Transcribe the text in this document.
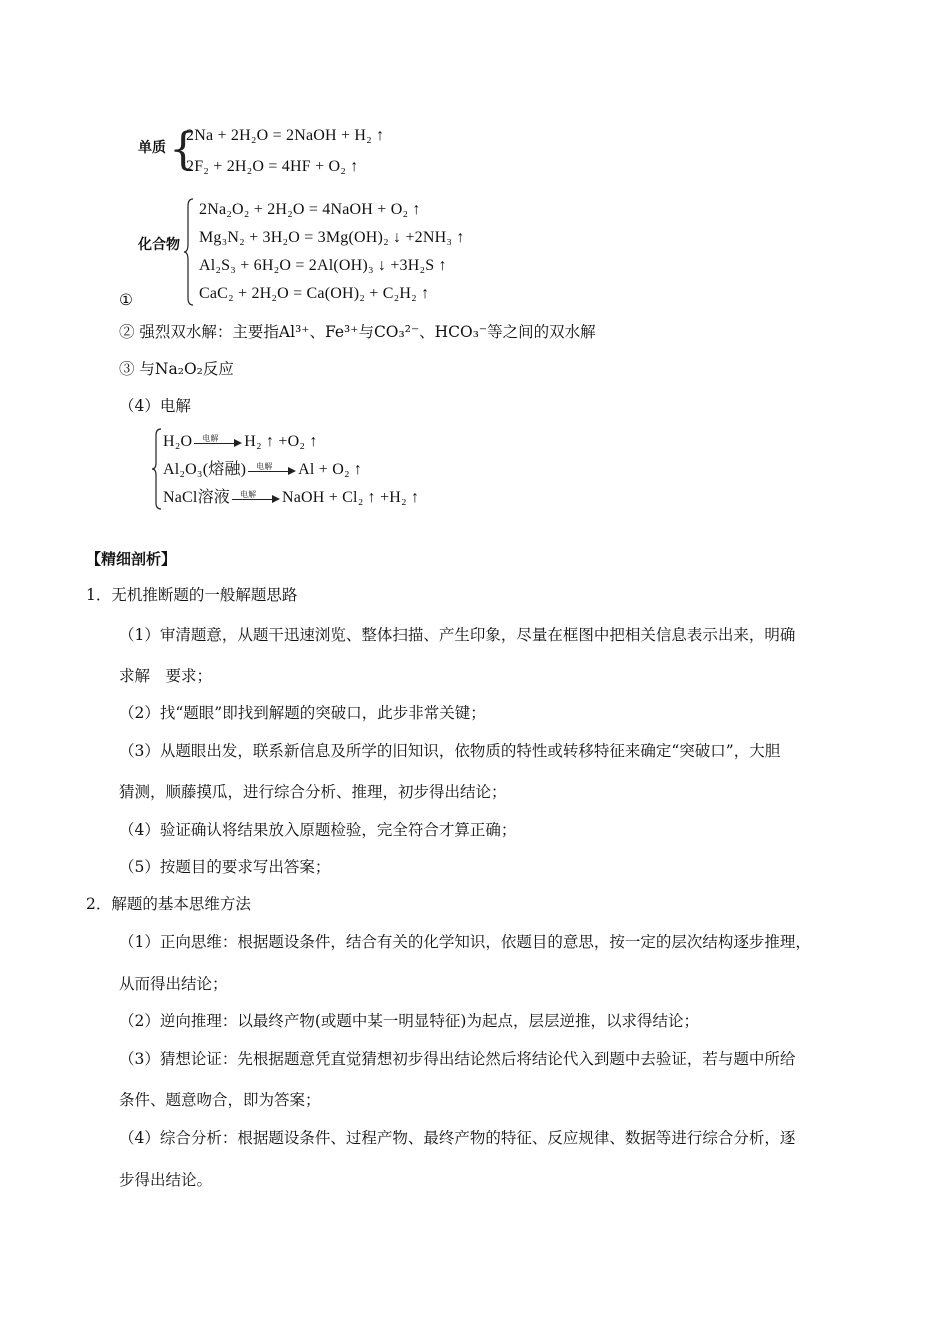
单质 {
2Na + 2H₂O = 2NaOH + H₂ ↑
2F₂ + 2H₂O = 4HF + O₂ ↑
化合物
2Na₂O₂ + 2H₂O = 4NaOH + O₂ ↑
Mg₃N₂ + 3H₂O = 3Mg(OH)₂ ↓ +2NH₃ ↑
Al₂S₃ + 6H₂O = 2Al(OH)₃ ↓ +3H₂S ↑
CaC₂ + 2H₂O = Ca(OH)₂ + C₂H₂ ↑
①
② 强烈双水解：主要指Al³⁺、Fe³⁺与CO₃²⁻、HCO₃⁻等之间的双水解
③ 与Na₂O₂反应
（4）电解
H₂O 电解 H₂ ↑ +O₂ ↑
Al₂O₃(熔融) 电解 Al + O₂ ↑
NaCl溶液 电解 NaOH + Cl₂ ↑ +H₂ ↑
【精细剖析】
1．无机推断题的一般解题思路
（1）审清题意，从题干迅速浏览、整体扫描、产生印象，尽量在框图中把相关信息表示出来，明确
求解　要求；
（2）找“题眼”即找到解题的突破口，此步非常关键；
（3）从题眼出发，联系新信息及所学的旧知识，依物质的特性或转移特征来确定“突破口”，大胆
猜测，顺藤摸瓜，进行综合分析、推理，初步得出结论；
（4）验证确认将结果放入原题检验，完全符合才算正确；
（5）按题目的要求写出答案；
2．解题的基本思维方法
（1）正向思维：根据题设条件，结合有关的化学知识，依题目的意思，按一定的层次结构逐步推理，
从而得出结论；
（2）逆向推理：以最终产物(或题中某一明显特征)为起点，层层逆推，以求得结论；
（3）猜想论证：先根据题意凭直觉猜想初步得出结论然后将结论代入到题中去验证，若与题中所给
条件、题意吻合，即为答案；
（4）综合分析：根据题设条件、过程产物、最终产物的特征、反应规律、数据等进行综合分析，逐
步得出结论。
